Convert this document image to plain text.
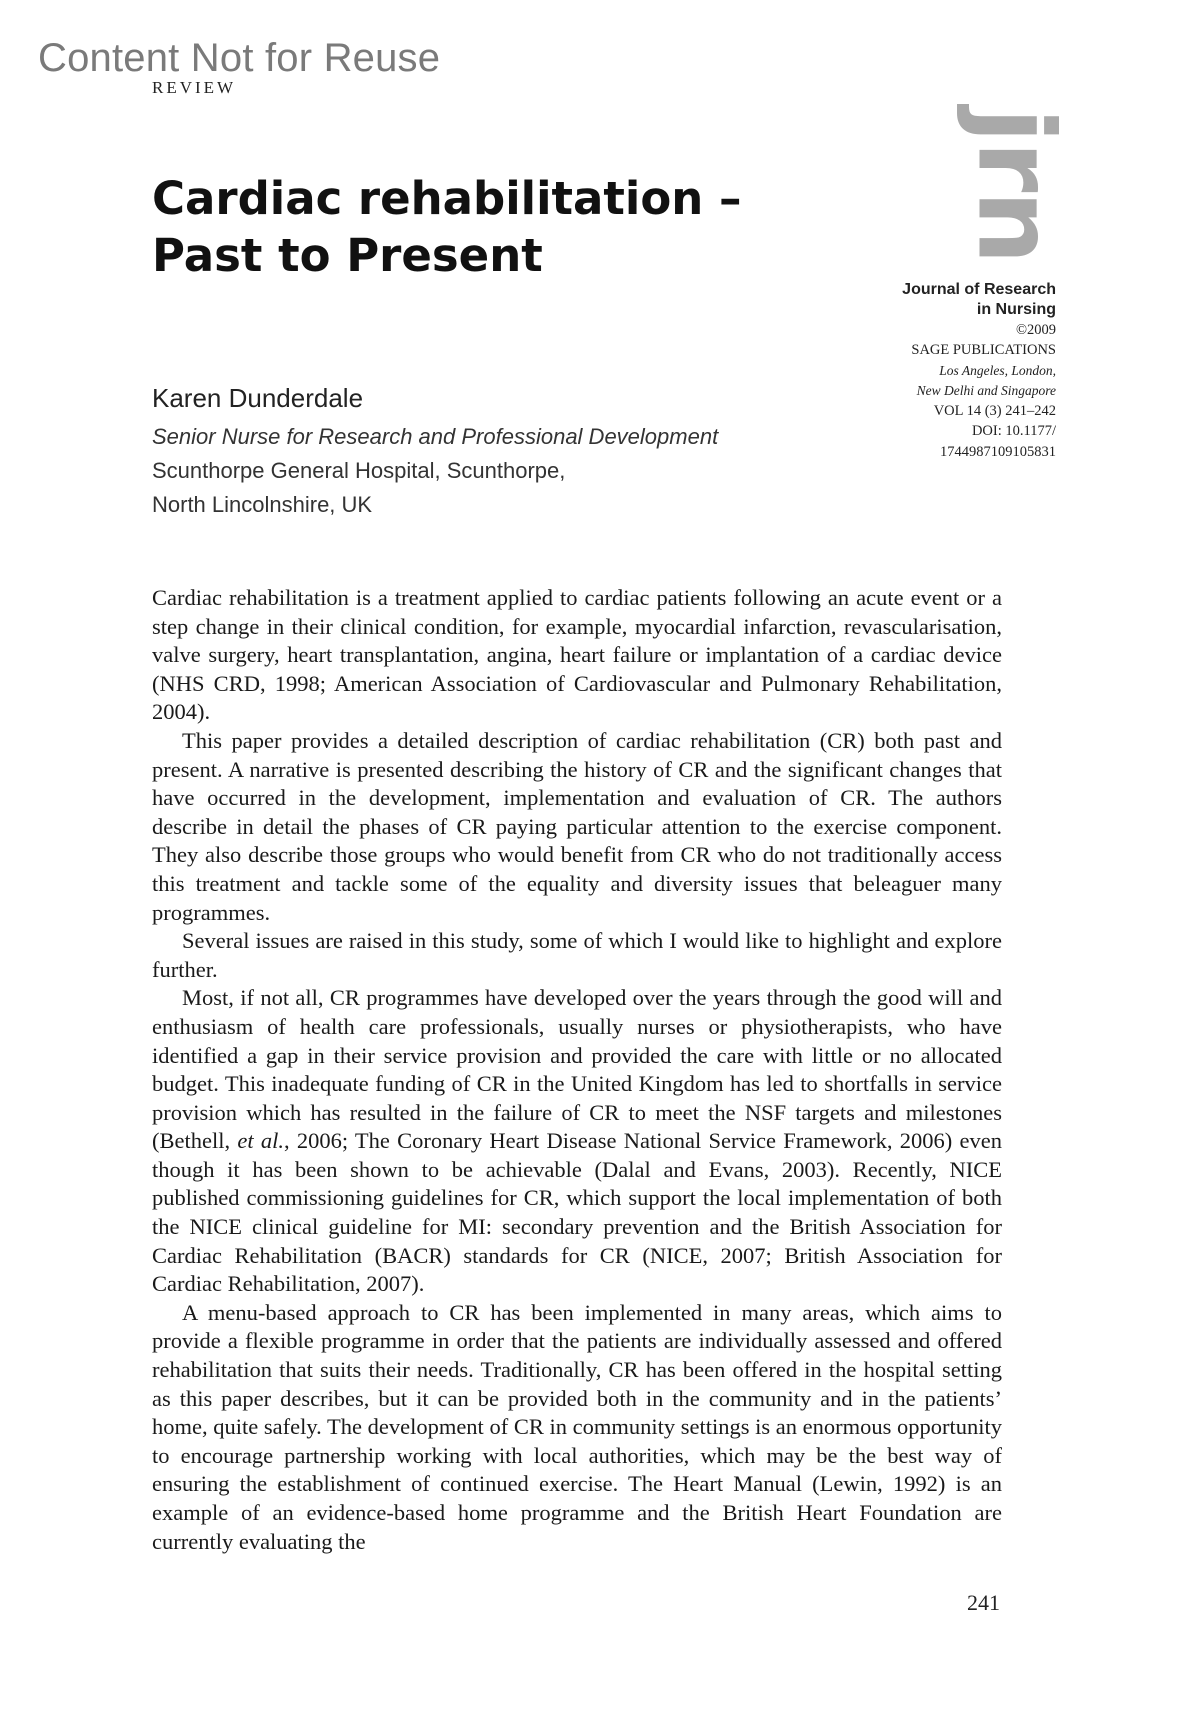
Content Not for Reuse
REVIEW
Cardiac rehabilitation –
Past to Present	jrn
Journal of Research
in Nursing
©2009
SAGE PUBLICATIONS
Los Angeles, London,
New Delhi and Singapore
VOL 14 (3) 241–242
DOI: 10.1177/
1744987109105831
Karen Dunderdale
Senior Nurse for Research and Professional Development
Scunthorpe General Hospital, Scunthorpe,
North Lincolnshire, UK

Cardiac rehabilitation is a treatment applied to cardiac patients following an acute event or a step change in their clinical condition, for example, myocardial infarction, revascularisation, valve surgery, heart transplantation, angina, heart failure or implantation of a cardiac device (NHS CRD, 1998; American Association of Cardiovascular and Pulmonary Rehabilitation, 2004).

This paper provides a detailed description of cardiac rehabilitation (CR) both past and present. A narrative is presented describing the history of CR and the significant changes that have occurred in the development, implementation and evaluation of CR. The authors describe in detail the phases of CR paying particular attention to the exercise component. They also describe those groups who would benefit from CR who do not traditionally access this treatment and tackle some of the equality and diversity issues that beleaguer many programmes.

Several issues are raised in this study, some of which I would like to highlight and explore further.

Most, if not all, CR programmes have developed over the years through the good will and enthusiasm of health care professionals, usually nurses or physiotherapists, who have identified a gap in their service provision and provided the care with little or no allocated budget. This inadequate funding of CR in the United Kingdom has led to shortfalls in service provision which has resulted in the failure of CR to meet the NSF targets and milestones (Bethell, et al., 2006; The Coronary Heart Disease National Service Framework, 2006) even though it has been shown to be achievable (Dalal and Evans, 2003). Recently, NICE published commissioning guidelines for CR, which support the local implementation of both the NICE clinical guideline for MI: secondary prevention and the British Association for Cardiac Rehabilitation (BACR) standards for CR (NICE, 2007; British Association for Cardiac Rehabilitation, 2007).

A menu-based approach to CR has been implemented in many areas, which aims to provide a flexible programme in order that the patients are individually assessed and offered rehabilitation that suits their needs. Traditionally, CR has been offered in the hospital setting as this paper describes, but it can be provided both in the community and in the patients’ home, quite safely. The development of CR in community settings is an enormous opportunity to encourage partnership working with local authorities, which may be the best way of ensuring the establishment of continued exercise. The Heart Manual (Lewin, 1992) is an example of an evidence-based home programme and the British Heart Foundation are currently evaluating the

241
